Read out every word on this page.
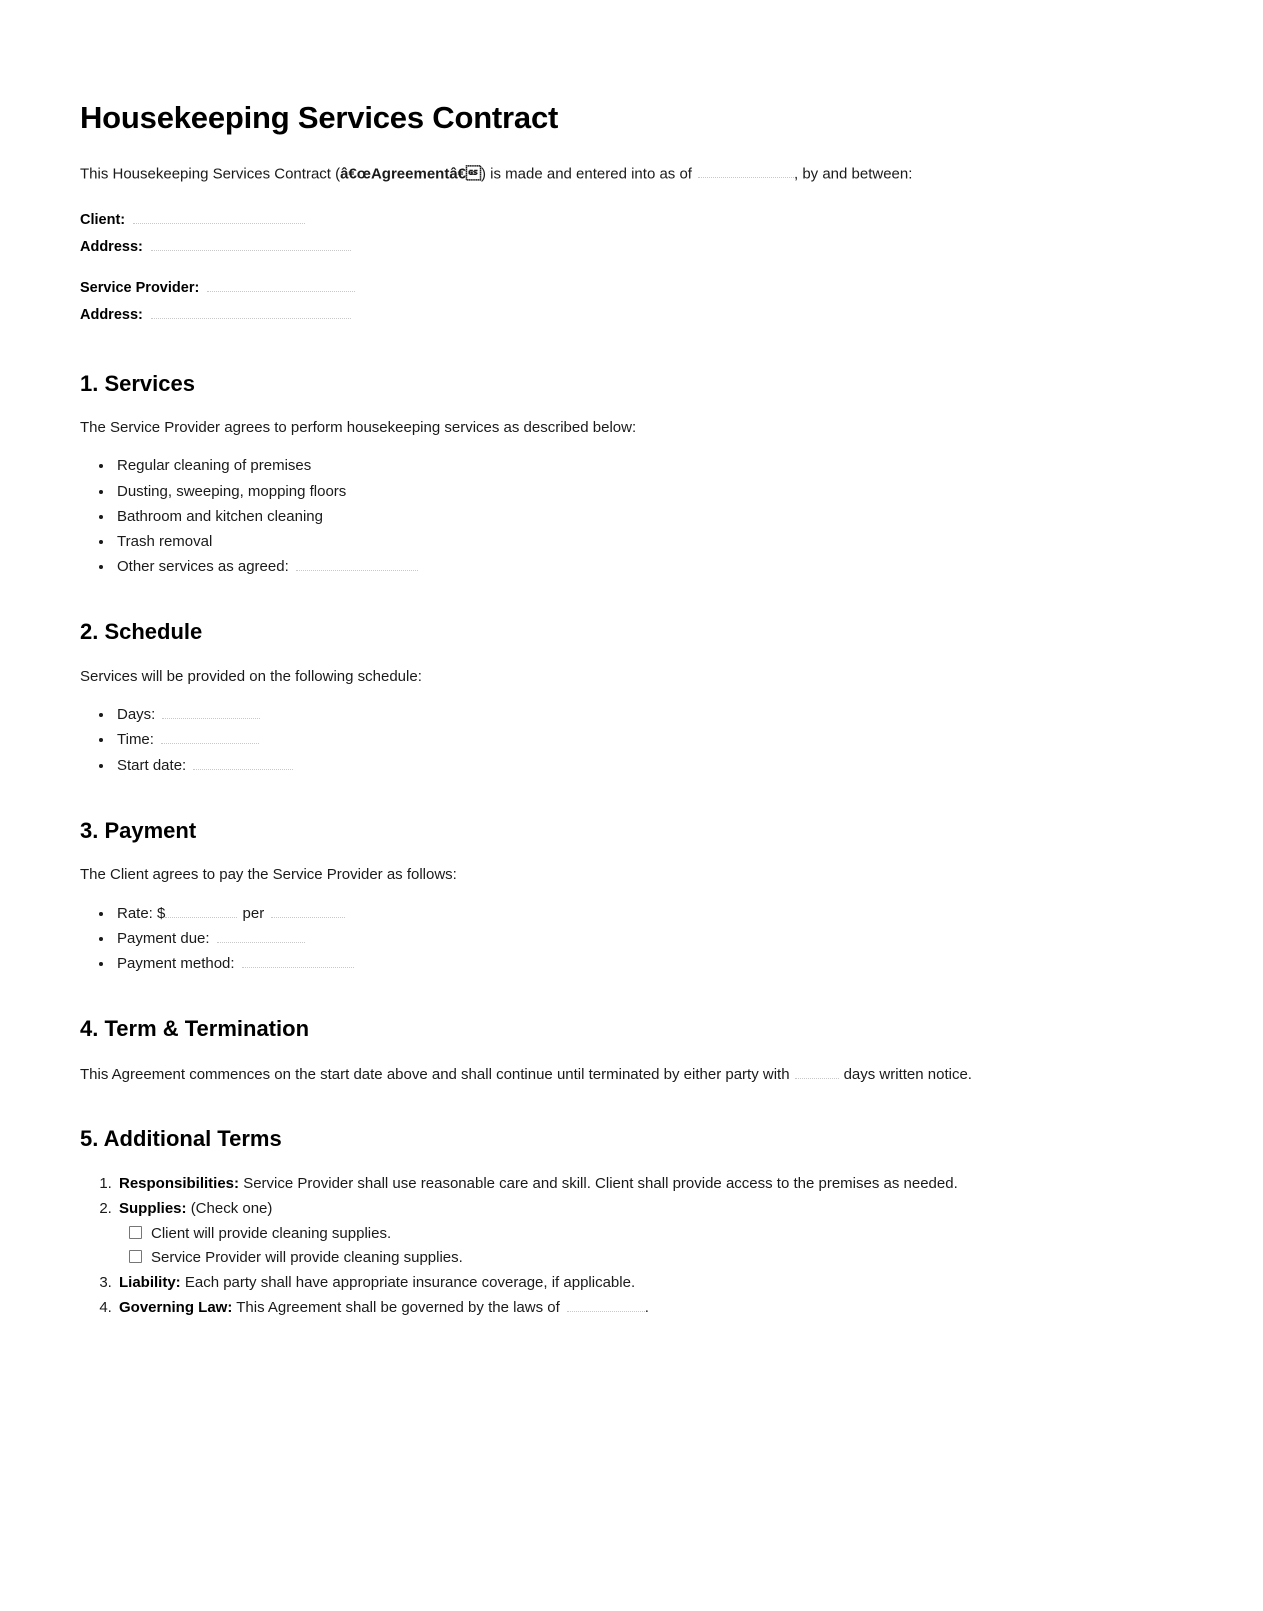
Housekeeping Services Contract

This Housekeeping Services Contract (â€œAgreementâ€) is made and entered into as of	, by and between:

Client:
Address:
Service Provider:
Address:
1. Services

The Service Provider agrees to perform housekeeping services as described below:

• Regular cleaning of premises
• Dusting, sweeping, mopping floors
• Bathroom and kitchen cleaning
• Trash removal
• Other services as agreed:
2. Schedule

Services will be provided on the following schedule:

• Days:
• Time:
• Start date:
3. Payment

The Client agrees to pay the Service Provider as follows:

• Rate: $	per
• Payment due:
• Payment method:
4. Term & Termination

This Agreement commences on the start date above and shall continue until terminated by either party with	days written notice.

5. Additional Terms
1. Responsibilities: Service Provider shall use reasonable care and skill. Client shall provide access to the premises as needed.
2. Supplies: (Check one)
Client will provide cleaning supplies.
Service Provider will provide cleaning supplies.
3. Liability: Each party shall have appropriate insurance coverage, if applicable.
4. Governing Law: This Agreement shall be governed by the laws of	.
